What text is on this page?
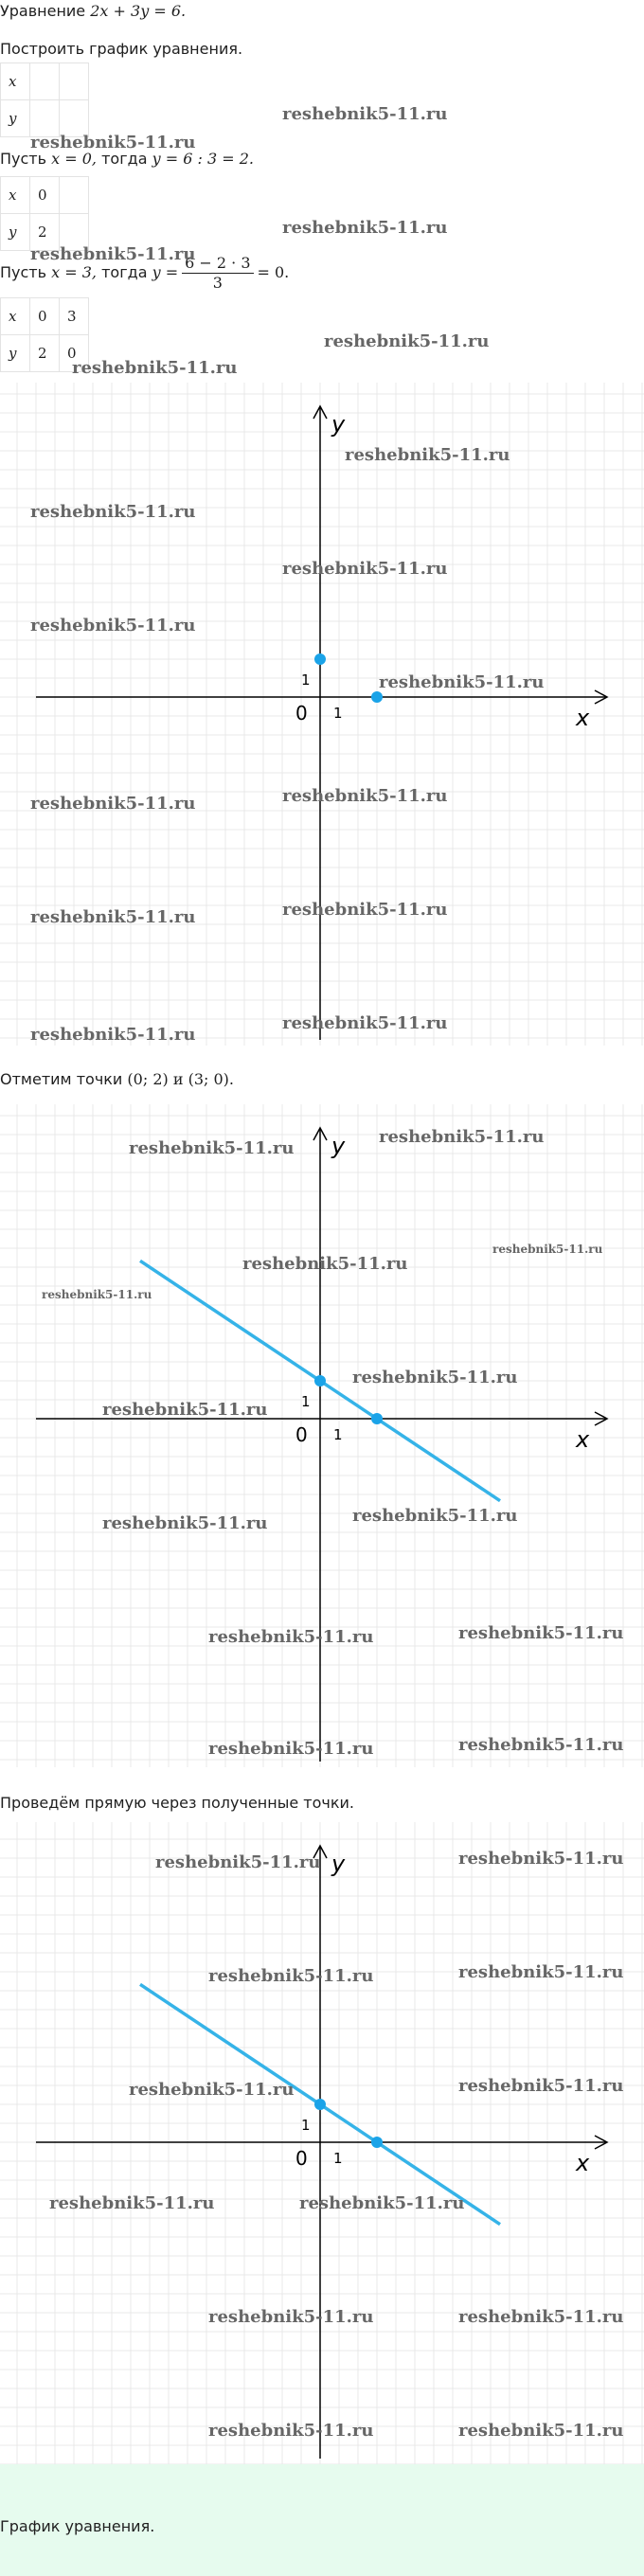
Уравнение 2x + 3y = 6.
Построить график уравнения.
x		
y		
Пусть x = 0, тогда y = 6 : 3 = 2.
x	0	
y	2	
Пусть x = 3, тогда $y = \frac{6 - 2 \cdot 3}{3} = 0$.
x	0	3
y	2	0
x
y
0 1
1
Отметим точки (0; 2) и (3; 0).
x
y
0 1
1
Проведём прямую через полученные точки.
x
y
0 1
1
График уравнения.
reshebnik5-11.ru
reshebnik5-11.ru
reshebnik5-11.ru
reshebnik5-11.ru
reshebnik5-11.ru
reshebnik5-11.ru
reshebnik5-11.ru
reshebnik5-11.ru
reshebnik5-11.ru
reshebnik5-11.ru
reshebnik5-11.ru
reshebnik5-11.ru	reshebnik5-11.ru
reshebnik5-11.ru	reshebnik5-11.ru
reshebnik5-11.ru
reshebnik5-11.ru
reshebnik5-11.ru
reshebnik5-11.ru
reshebnik5-11.ru
reshebnik5-11.ru
reshebnik5-11.ru
reshebnik5-11.ru
reshebnik5-11.ru
reshebnik5-11.ru	reshebnik5-11.ru
reshebnik5-11.ru	reshebnik5-11.ru
reshebnik5-11.ru	reshebnik5-11.ru
reshebnik5-11.ru	reshebnik5-11.ru
reshebnik5-11.ru	reshebnik5-11.ru
reshebnik5-11.ru	reshebnik5-11.ru
reshebnik5-11.ru	reshebnik5-11.ru
reshebnik5-11.ru	reshebnik5-11.ru
reshebnik5-11.ru	reshebnik5-11.ru
